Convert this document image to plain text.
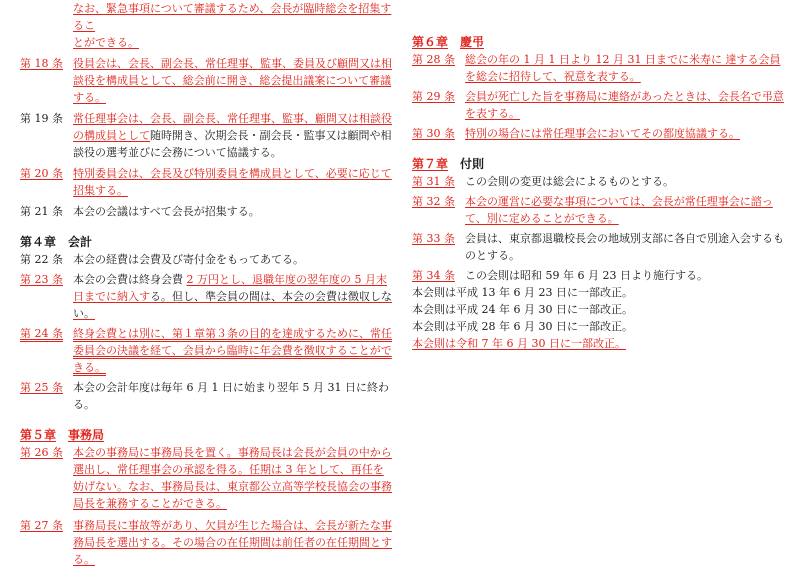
なお、緊急事項について審議するため、会長が臨時総会を招集するこ
とができる。
第 18 条 役員会は、会長、副会長、常任理事、監事、委員及び顧問又は相談役を構成員として、総会前に開き、総会提出議案について審議する。
第 19 条 常任理事会は、会長、副会長、常任理事、監事、顧問又は相談役の構成員として随時開き、次期会長・副会長・監事又は顧問や相談役の選考並びに会務について協議する。
第 20 条 特別委員会は、会長及び特別委員を構成員として、必要に応じて招集する。
第 21 条 本会の会議はすべて会長が招集する。
第４章 会計
第 22 条 本会の経費は会費及び寄付金をもってあてる。
第 23 条 本会の会費は終身会費 2 万円とし、退職年度の翌年度の 5 月末日までに納入する。但し、準会員の間は、本会の会費は徴収しない。
第 24 条 終身会費とは別に、第１章第３条の目的を達成するために、常任委員会の決議を経て、会員から臨時に年会費を徴収することができる。
第 25 条 本会の会計年度は毎年 6 月 1 日に始まり翌年 5 月 31 日に終わる。
第５章 事務局
第 26 条 本会の事務局に事務局長を置く。事務局長は会長が会員の中から選出し、常任理事会の承認を得る。任期は 3 年として、再任を妨げない。なお、事務局長は、東京都公立高等学校長協会の事務局長を兼務することができる。
第 27 条 事務局長に事故等があり、欠員が生じた場合は、会長が新たな事務局長を選出する。その場合の在任期間は前任者の在任期間とする。
第６章 慶弔
第 28 条 総会の年の 1 月 1 日より 12 月 31 日までに米寿に 達する会員を総会に招待して、祝意を表する。
第 29 条 会員が死亡した旨を事務局に連絡があったときは、会長名で弔意を表する。
第 30 条 特別の場合には常任理事会においてその都度協議する。
第７章 付則
第 31 条 この会則の変更は総会によるものとする。
第 32 条 本会の運営に必要な事項については、会長が常任理事会に諮って、別に定めることができる。
第 33 条 会員は、東京都退職校長会の地域別支部に各自で別途入会するものとする。
第 34 条 この会則は昭和 59 年 6 月 23 日より施行する。
本会則は平成 13 年 6 月 23 日に一部改正。
本会則は平成 24 年 6 月 30 日に一部改正。
本会則は平成 28 年 6 月 30 日に一部改正。
本会則は令和 7 年 6 月 30 日に一部改正。
